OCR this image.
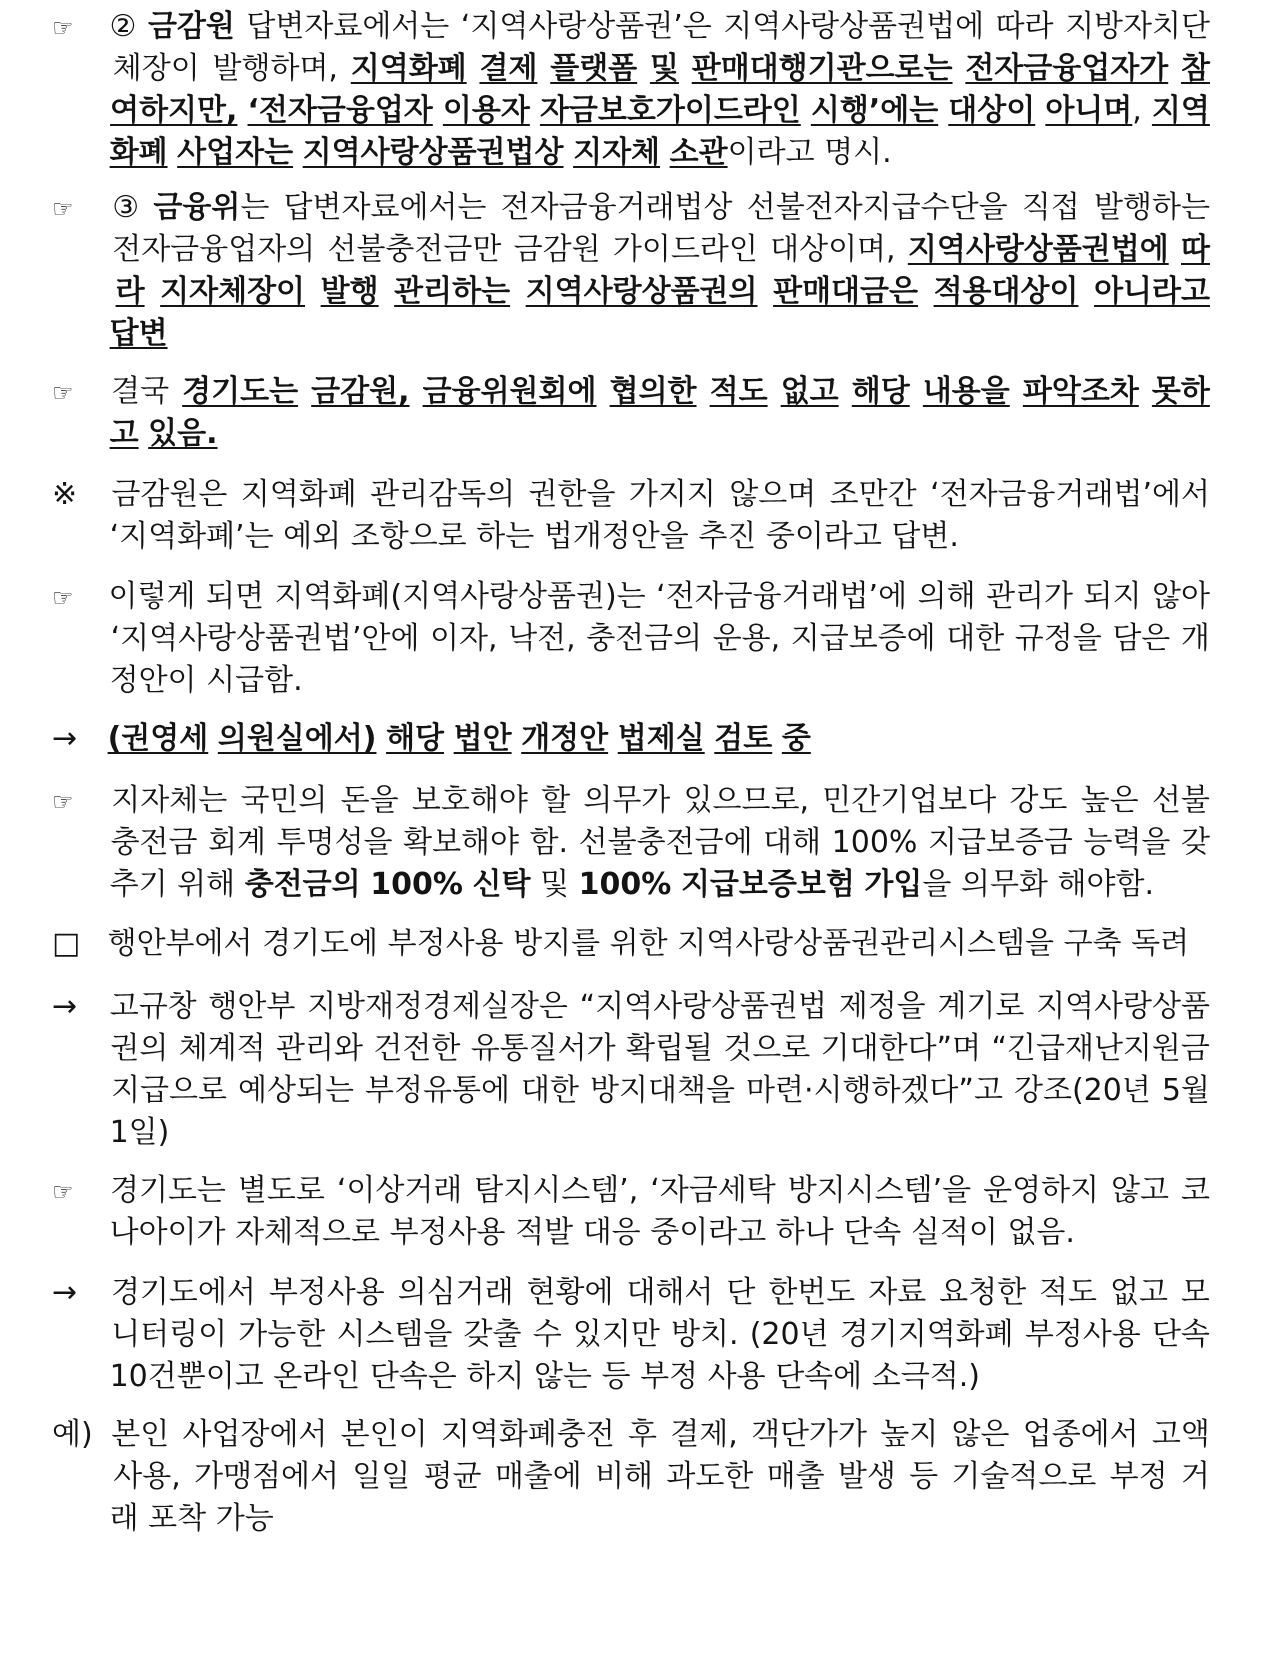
☞	② 금감원 답변자료에서는 ‘지역사랑상품권’은 지역사랑상품권법에 따라 지방자치단
체장이 발행하며, 지역화폐 결제 플랫폼 및 판매대행기관으로는 전자금융업자가 참
여하지만, ‘전자금융업자 이용자 자금보호가이드라인 시행’에는 대상이 아니며, 지역
화폐 사업자는 지역사랑상품권법상 지자체 소관이라고 명시.
☞	③ 금융위는 답변자료에서는 전자금융거래법상 선불전자지급수단을 직접 발행하는
전자금융업자의 선불충전금만 금감원 가이드라인 대상이며, 지역사랑상품권법에 따
라 지자체장이 발행 관리하는 지역사랑상품권의 판매대금은 적용대상이 아니라고
답변
☞	결국 경기도는 금감원, 금융위원회에 협의한 적도 없고 해당 내용을 파악조차 못하
고 있음.
※	금감원은 지역화폐 관리감독의 권한을 가지지 않으며 조만간 ‘전자금융거래법’에서
‘지역화폐’는 예외 조항으로 하는 법개정안을 추진 중이라고 답변.
☞	이렇게 되면 지역화폐(지역사랑상품권)는 ‘전자금융거래법’에 의해 관리가 되지 않아
‘지역사랑상품권법’안에 이자, 낙전, 충전금의 운용, 지급보증에 대한 규정을 담은 개
정안이 시급함.
→	(권영세 의원실에서) 해당 법안 개정안 법제실 검토 중
☞	지자체는 국민의 돈을 보호해야 할 의무가 있으므로, 민간기업보다 강도 높은 선불
충전금 회계 투명성을 확보해야 함. 선불충전금에 대해 100% 지급보증금 능력을 갖
추기 위해 충전금의 100% 신탁 및 100% 지급보증보험 가입을 의무화 해야함.
□ 행안부에서 경기도에 부정사용 방지를 위한 지역사랑상품권관리시스템을 구축 독려
→	고규창 행안부 지방재정경제실장은 “지역사랑상품권법 제정을 계기로 지역사랑상품
권의 체계적 관리와 건전한 유통질서가 확립될 것으로 기대한다”며 “긴급재난지원금
지급으로 예상되는 부정유통에 대한 방지대책을 마련·시행하겠다”고 강조(20년 5월
1일)
☞	경기도는 별도로 ‘이상거래 탐지시스템’, ‘자금세탁 방지시스템’을 운영하지 않고 코
나아이가 자체적으로 부정사용 적발 대응 중이라고 하나 단속 실적이 없음.
→	경기도에서 부정사용 의심거래 현황에 대해서 단 한번도 자료 요청한 적도 없고 모
니터링이 가능한 시스템을 갖출 수 있지만 방치. (20년 경기지역화폐 부정사용 단속
10건뿐이고 온라인 단속은 하지 않는 등 부정 사용 단속에 소극적.)
예) 본인 사업장에서 본인이 지역화폐충전 후 결제, 객단가가 높지 않은 업종에서 고액
사용, 가맹점에서 일일 평균 매출에 비해 과도한 매출 발생 등 기술적으로 부정 거
래 포착 가능
